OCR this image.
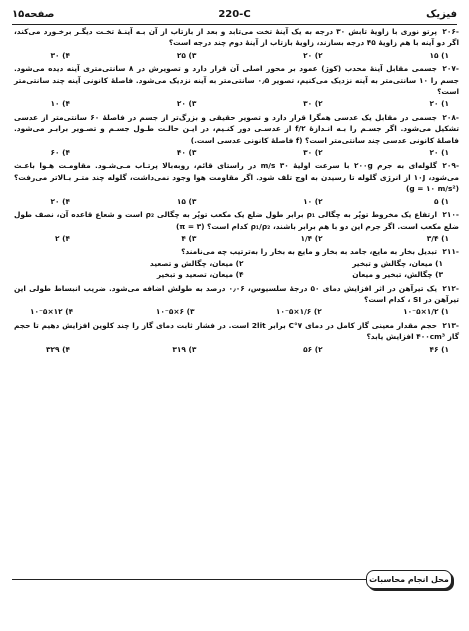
صفحه۱۵	220-C	فیزیک

-۲۰۶پرتو نوری با زاویهٔ تابش ۳۰ درجه به یک آینهٔ تخت می‌تابد و بعد از بازتاب از آن بـه آینـهٔ تخـت دیگـر برخـورد می‌کند، اگر دو آینه با هم زاویهٔ ۴۵ درجه بسازند، زاویهٔ بازتاب از آینهٔ دوم چند درجه است؟

۱) ۱۵
۲) ۲۰
۳) ۲۵
۴) ۳۰

-۲۰۷جسمی مقابل آینهٔ محدب (کوژ) عمود بر محور اصلی آن قرار دارد و تصویرش در ۸ سانتی‌متری آینه دیده می‌شود. جسم را ۱۰ سانتی‌متر به آینه نزدیک می‌کنیم، تصویر ۰٫۵ سانتی‌متر به آینه نزدیک می‌شود. فاصلهٔ کانونی آینه چند سانتی‌متر است؟

۱) ۲۰
۲) ۳۰
۳) ۲۰
۴) ۱۰

-۲۰۸جسمی در مقابل یک عدسی همگرا قرار دارد و تصویر حقیقی و بزرگ‌تر از جسم در فاصلهٔ ۶۰ سانتی‌متر از عدسی تشکیل می‌شود. اگر جسـم را بـه انـدازهٔ f/۲ از عدسـی دور کنـیم، در ایـن حالـت طـول جسـم و تصـویر برابـر می‌شود. فاصلهٔ کانونی عدسی چند سانتی‌متر است؟ (f فاصلهٔ کانونی عدسی است.)

۱) ۲۰
۲) ۳۰
۳) ۴۰
۴) ۶۰

-۲۰۹گلوله‌ای به جرم ۲۰۰g با سرعت اولیهٔ ۳۰ m/s در راستای قائم، روبه‌بالا پرتـاب مـی‌شـود. مقاومـت هـوا باعـث می‌شود، ۱۰J از انرژی گلوله تا رسیدن به اوج تلف شود. اگر مقاومت هوا وجود نمی‌داشت، گلوله چند متـر بـالاتر می‌رفت؟ (g = ۱۰ m/s²)

۱) ۵
۲) ۱۰
۳) ۱۵
۴) ۲۰

-۲۱۰ارتفاع یک مخروط توپُر به چگالی ρ₁ برابر طول ضلع یک مکعب توپُر به چگالی ρ₂ است و شعاع قاعده آن، نصف طول ضلع مکعب است. اگر جرم این دو با هم برابر باشند، ρ₁/ρ₂ کدام است؟ (π = ۳)

۱) ۳/۴
۲) ۱/۴
۳) ۴
۴) ۲

-۲۱۱تبدیل بخار به مایع، جامد به بخار و مایع به بخار را به‌ترتیب چه می‌نامند؟

۱) میعان، چگالش و تبخیر
۲) میعان، چگالش و تصعید
۳) چگالش، تبخیر و میعان
۴) میعان، تصعید و تبخیر

-۲۱۲یک تیرآهن در اثر افزایش دمای ۵۰ درجهٔ سلسیوس، ۰٫۰۶ درصد به طولش اضافه می‌شود. ضریب انبساط طولی این تیرآهن در SI ، کدام است؟

۱) ۱/۲×۱۰⁻۵
۲) ۱/۶×۱۰⁻۵
۳) ۶×۱۰⁻۵
۴) ۱۲×۱۰⁻۵

-۲۱۳حجم مقدار معینی گاز کامل در دمای ۷°C برابر 2lit است. در فشار ثابت دمای گاز را چند کلوین افزایش دهیم تا حجم گاز ۴۰۰cm³ افزایش یابد؟

۱) ۴۶
۲) ۵۶
۳) ۳۱۹
۴) ۳۲۹
محل انجام محاسبات
